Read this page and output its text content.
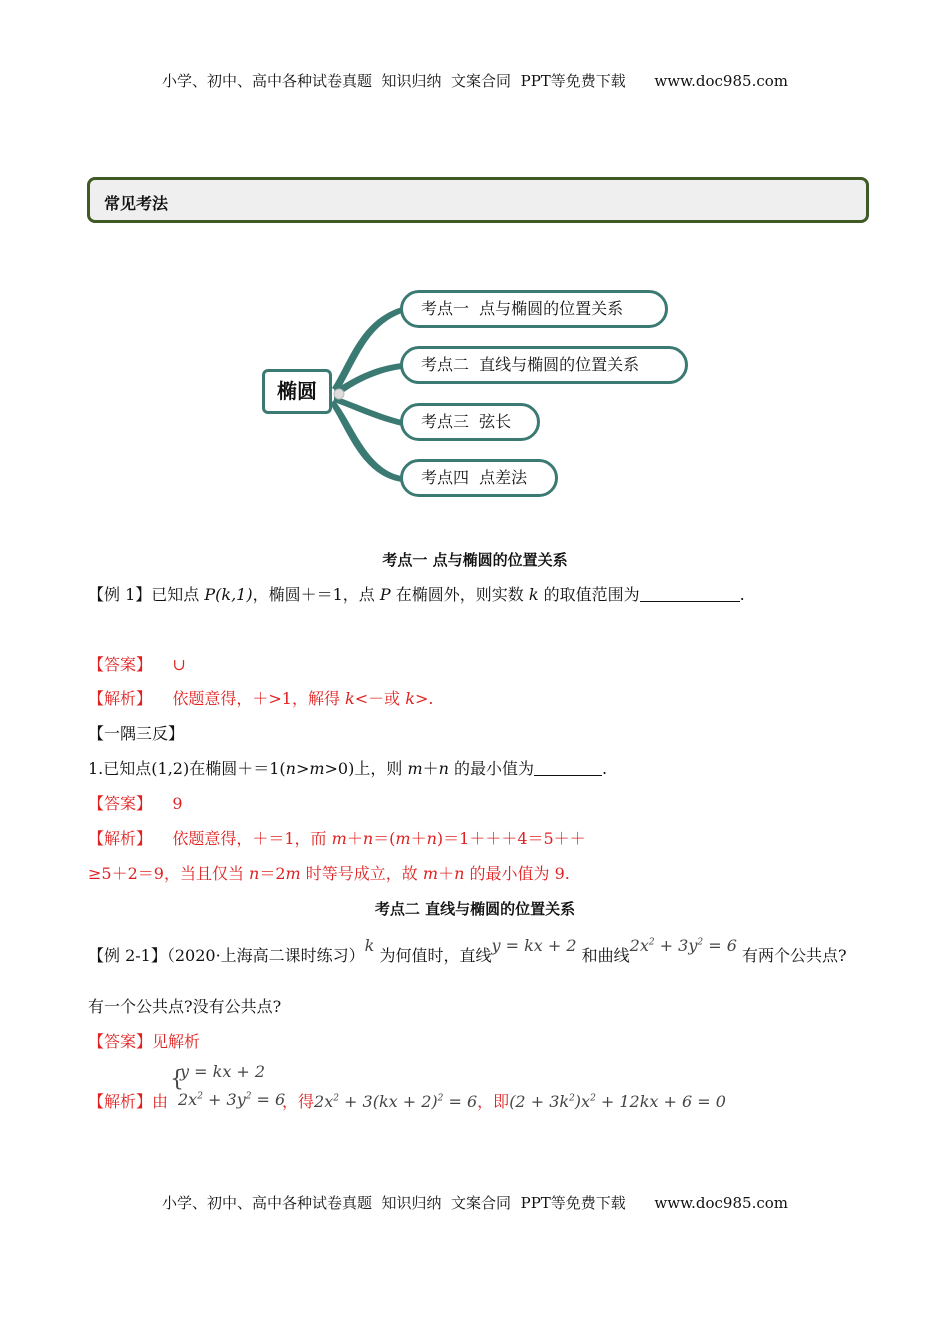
小学、初中、高中各种试卷真题  知识归纳  文案合同  PPT等免费下载      www.doc985.com
常见考法
椭圆
考点一  点与椭圆的位置关系
考点二  直线与椭圆的位置关系
考点三  弦长
考点四  点差法
考点一 点与椭圆的位置关系
【例 1】已知点 P(k,1)，椭圆＋＝1，点 P 在椭圆外，则实数 k 的取值范围为	.
【答案】 ∪
【解析】 依题意得，＋>1，解得 k<－或 k>.
【一隅三反】
1.已知点(1,2)在椭圆＋＝1(n>m>0)上，则 m＋n 的最小值为	.
【答案】 9
【解析】 依题意得，＋＝1，而 m＋n＝(m＋n)＝1＋＋＋4＝5＋＋
≥5＋2＝9，当且仅当 n＝2m 时等号成立，故 m＋n 的最小值为 9.
考点二 直线与椭圆的位置关系
【例 2-1】（2020·上海高二课时练习）k 为何值时，直线y = kx + 2 和曲线$2x^2 + 3y^2 = 6$ 有两个公共点?
有一个公共点?没有公共点?
【答案】见解析
【解析】由
{
y = kx + 2
$2x^2 + 3y^2 = 6$
，得$2x^2 + 3(kx + 2)^2 = 6$，即$(2 + 3k^2)x^2 + 12kx + 6 = 0$
小学、初中、高中各种试卷真题  知识归纳  文案合同  PPT等免费下载      www.doc985.com
